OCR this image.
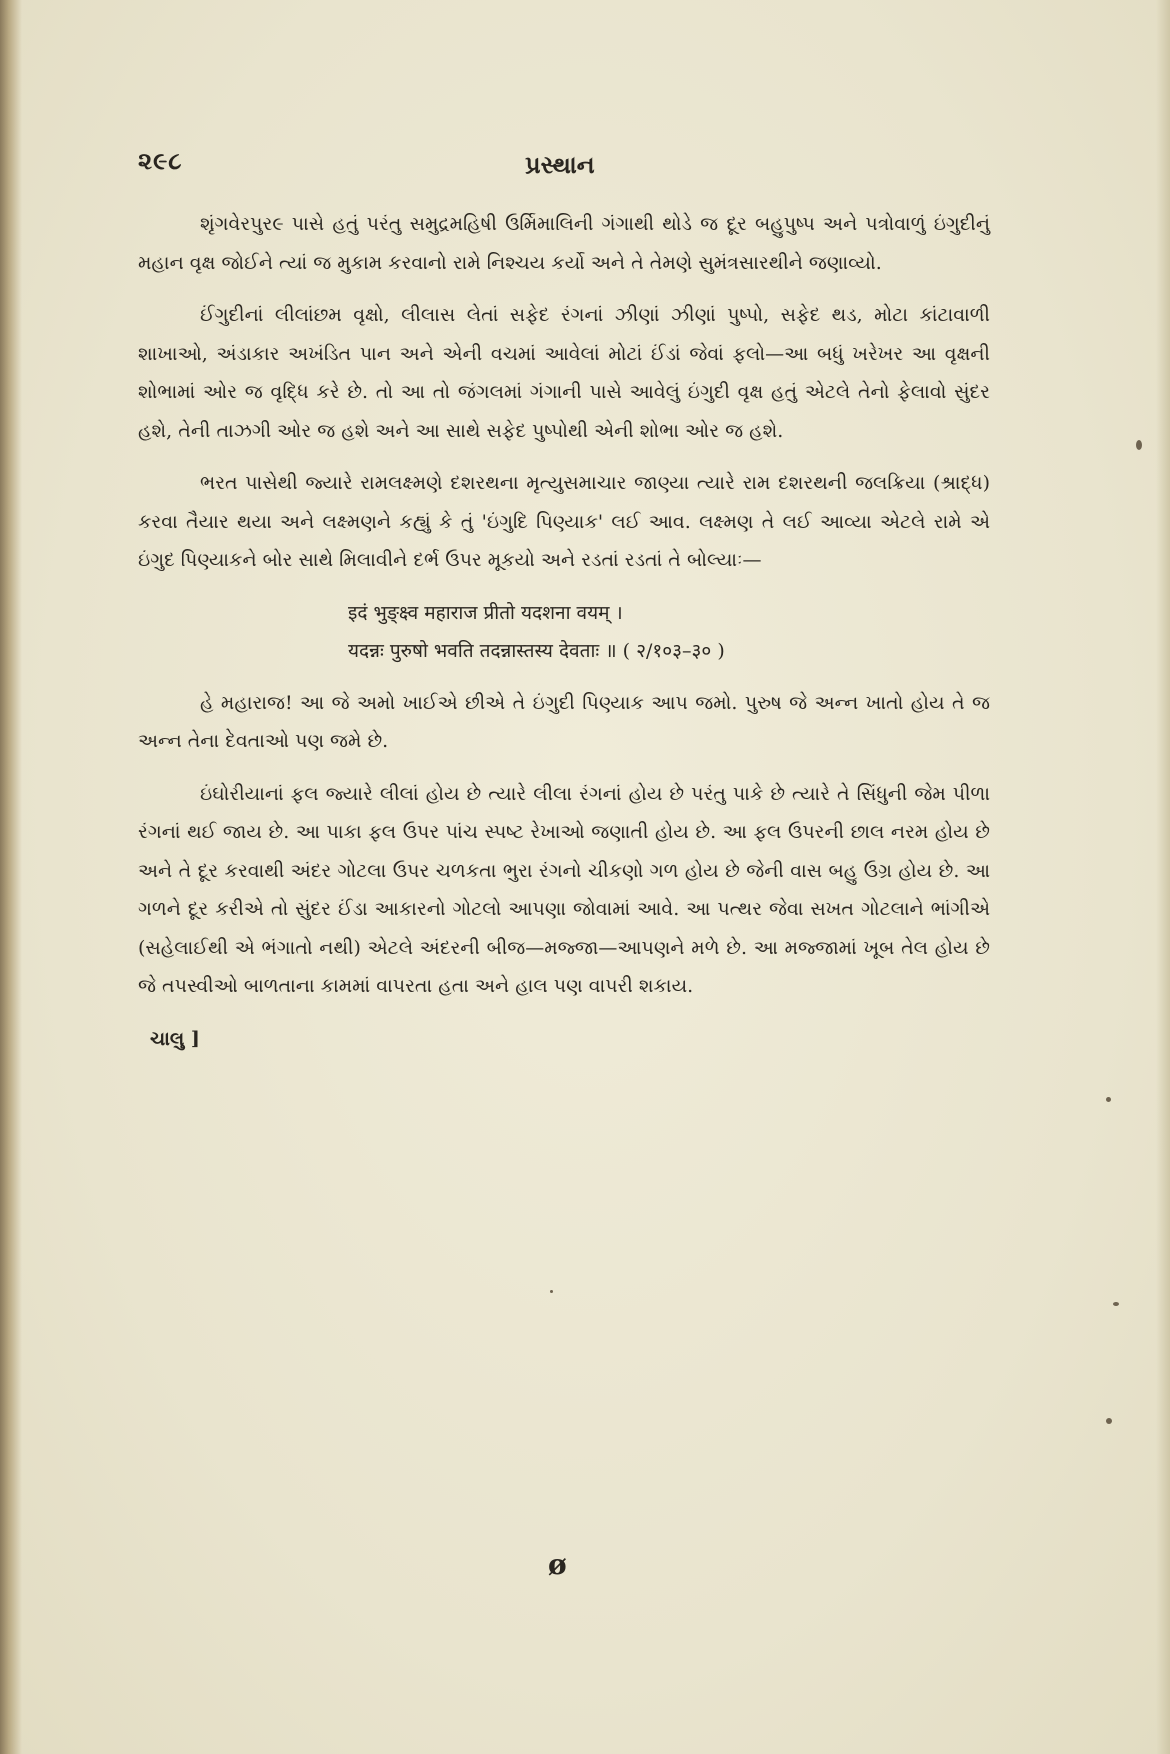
૨૯૮	પ્રસ્થાન

શૃંગવેરપુર૯ પાસે હતું પરંતુ સમુદ્રમહિષી ઉર્મિમાલિની ગંગાથી થોડે જ દૂર બહુપુષ્પ અને પત્રોવાળું ઇંગુદીનું મહાન વૃક્ષ જોઈને ત્યાં જ મુકામ કરવાનો રામે નિશ્ચય કર્યો અને તે તેમણે સુમંત્રસારથીને જણાવ્યો.

ઈંગુદીનાં લીલાંછમ વૃક્ષો, લીલાસ લેતાં સફેદ રંગનાં ઝીણાં ઝીણાં પુષ્પો, સફેદ થડ, મોટા કાંટાવાળી શાખાઓ, અંડાકાર અખંડિત પાન અને એની વચમાં આવેલાં મોટાં ઈંડાં જેવાં ફલો—આ બધું ખરેખર આ વૃક્ષની શોભામાં ઓર જ વૃદ્ધિ કરે છે. તો આ તો જંગલમાં ગંગાની પાસે આવેલું ઇંગુદી વૃક્ષ હતું એટલે તેનો ફેલાવો સુંદર હશે, તેની તાઝગી ઓર જ હશે અને આ સાથે સફેદ પુષ્પોથી એની શોભા ઓર જ હશે.

ભરત પાસેથી જ્યારે રામલક્ષ્મણે દશરથના મૃત્યુસમાચાર જાણ્યા ત્યારે રામ દશરથની જલક્રિયા (શ્રાદ્ધ) કરવા તૈયાર થયા અને લક્ષ્મણને કહ્યું કે તું 'ઇંગુદિ પિણ્યાક' લઈ આવ. લક્ષ્મણ તે લઈ આવ્યા એટલે રામે એ ઇંગુદ પિણ્યાકને બોર સાથે મિલાવીને દર્ભ ઉપર મૂકયો અને રડતાં રડતાં તે બોલ્યાઃ—

इदं भुङ्क्ष्व महाराज प्रीतो यदशना वयम् ।
यदन्नः पुरुषो भवति तदन्नास्तस्य देवताः ॥ ( २/१०३–३० )

હે મહારાજ! આ જે અમો ખાઈએ છીએ તે ઇંગુદી પિણ્યાક આપ જમો. પુરુષ જે અન્ન ખાતો હોય તે જ અન્ન તેના દેવતાઓ પણ જમે છે.

ઇંઘોરીયાનાં ફલ જ્યારે લીલાં હોય છે ત્યારે લીલા રંગનાં હોય છે પરંતુ પાકે છે ત્યારે તે સિંધુની જેમ પીળા રંગનાં થઈ જાય છે. આ પાકા ફલ ઉપર પાંચ સ્પષ્ટ રેખાઓ જણાતી હોય છે. આ ફલ ઉપરની છાલ નરમ હોય છે અને તે દૂર કરવાથી અંદર ગોટલા ઉપર ચળકતા ભુરા રંગનો ચીકણો ગળ હોય છે જેની વાસ બહુ ઉગ્ર હોય છે. આ ગળને દૂર કરીએ તો સુંદર ઈંડા આકારનો ગોટલો આપણા જોવામાં આવે. આ પત્થર જેવા સખત ગોટલાને ભાંગીએ (સહેલાઈથી એ ભંગાતો નથી) એટલે અંદરની બીજ—મજ્જા—આપણને મળે છે. આ મજ્જામાં ખૂબ તેલ હોય છે જે તપસ્વીઓ બાળતાના કામમાં વાપરતા હતા અને હાલ પણ વાપરી શકાય.

ચાલુ ]
ø
